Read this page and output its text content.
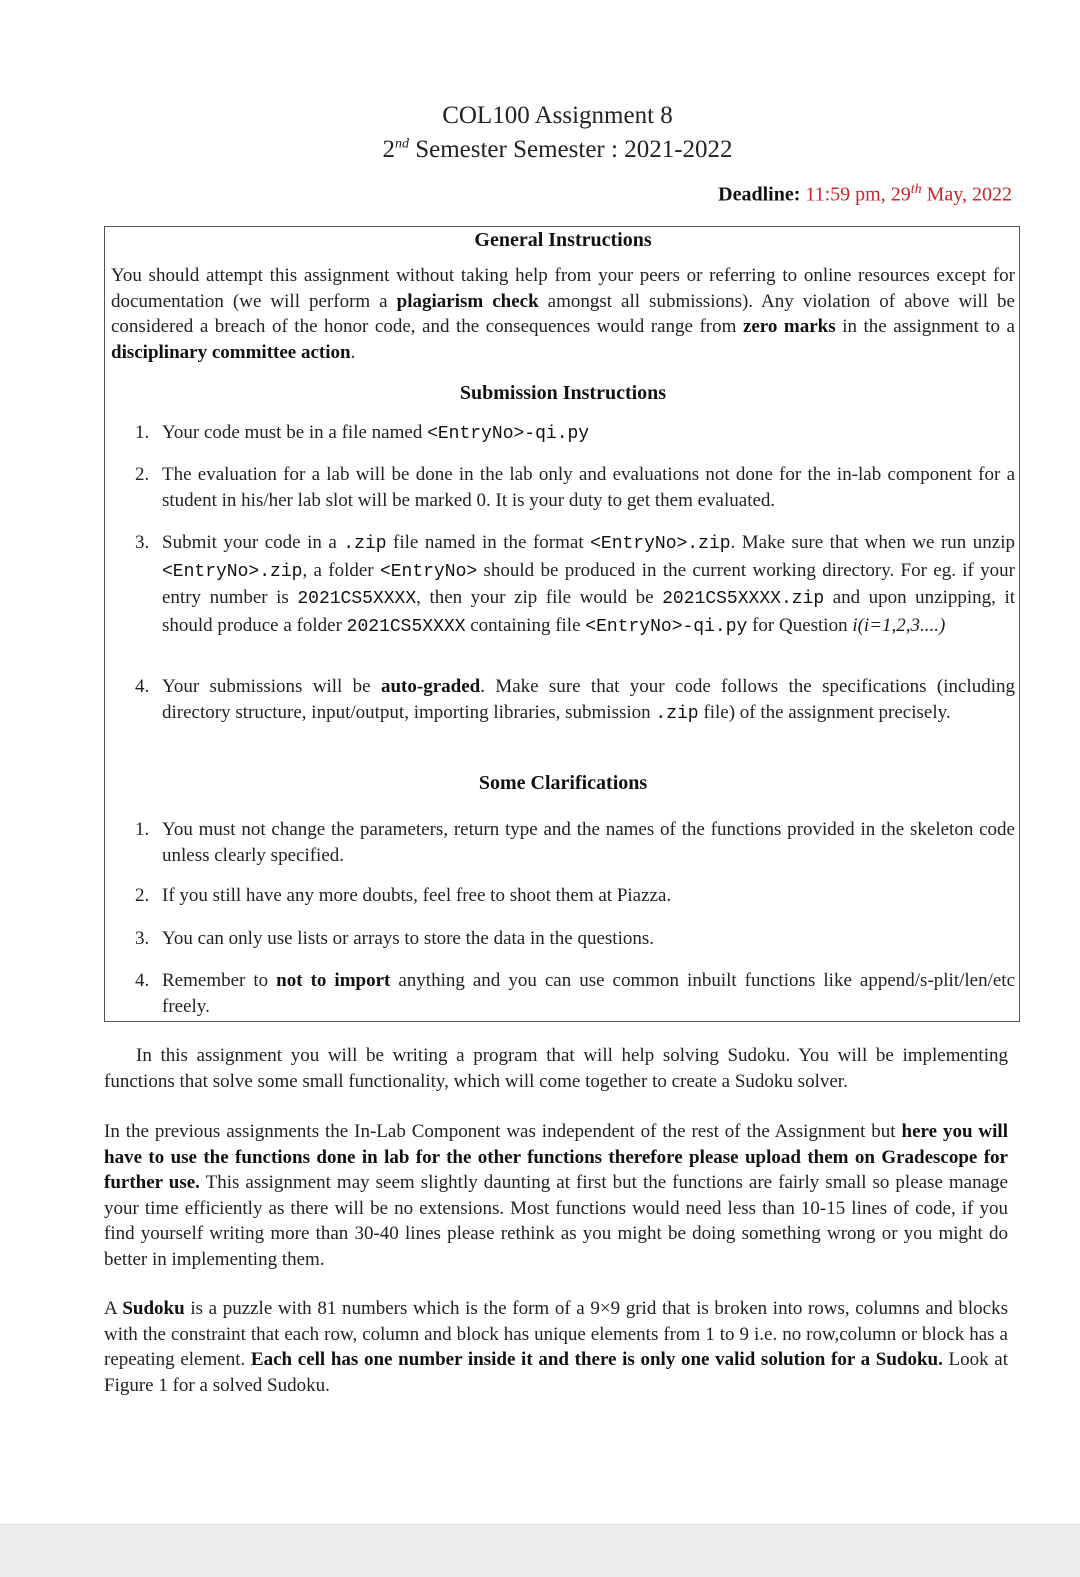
COL100 Assignment 8
2nd Semester Semester : 2021-2022
Deadline: 11:59 pm, 29th May, 2022
General Instructions
You should attempt this assignment without taking help from your peers or referring to online resources except for documentation (we will perform a plagiarism check amongst all submissions). Any violation of above will be considered a breach of the honor code, and the consequences would range from zero marks in the assignment to a disciplinary committee action.
Submission Instructions
1. Your code must be in a file named <EntryNo>-qi.py
2. The evaluation for a lab will be done in the lab only and evaluations not done for the in-lab component for a student in his/her lab slot will be marked 0. It is your duty to get them evaluated.
3. Submit your code in a .zip file named in the format <EntryNo>.zip. Make sure that when we run unzip <EntryNo>.zip, a folder <EntryNo> should be produced in the current working directory. For eg. if your entry number is 2021CS5XXXX, then your zip file would be 2021CS5XXXX.zip and upon unzipping, it should produce a folder 2021CS5XXXX containing file <EntryNo>-qi.py for Question i(i=1,2,3....)
4. Your submissions will be auto-graded. Make sure that your code follows the specifications (including directory structure, input/output, importing libraries, submission .zip file) of the assignment precisely.
Some Clarifications
1. You must not change the parameters, return type and the names of the functions provided in the skeleton code unless clearly specified.
2. If you still have any more doubts, feel free to shoot them at Piazza.
3. You can only use lists or arrays to store the data in the questions.
4. Remember to not to import anything and you can use common inbuilt functions like append/s-plit/len/etc freely.
In this assignment you will be writing a program that will help solving Sudoku. You will be implementing functions that solve some small functionality, which will come together to create a Sudoku solver.
In the previous assignments the In-Lab Component was independent of the rest of the Assignment but here you will have to use the functions done in lab for the other functions therefore please upload them on Gradescope for further use. This assignment may seem slightly daunting at first but the functions are fairly small so please manage your time efficiently as there will be no extensions. Most functions would need less than 10-15 lines of code, if you find yourself writing more than 30-40 lines please rethink as you might be doing something wrong or you might do better in implementing them.
A Sudoku is a puzzle with 81 numbers which is the form of a 9×9 grid that is broken into rows, columns and blocks with the constraint that each row, column and block has unique elements from 1 to 9 i.e. no row,column or block has a repeating element. Each cell has one number inside it and there is only one valid solution for a Sudoku. Look at Figure 1 for a solved Sudoku.
